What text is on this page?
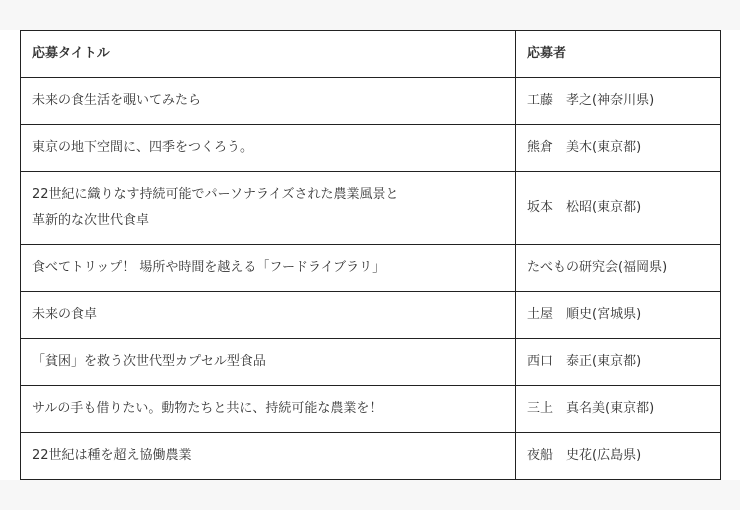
応募タイトル	応募者

未来の食生活を覗いてみたら	工藤　孝之(神奈川県)

東京の地下空間に、四季をつくろう。	熊倉　美木(東京都)

22世紀に織りなす持続可能でパーソナライズされた農業風景と
革新的な次世代食卓	坂本　松昭(東京都)

食べてトリップ！ 場所や時間を越える「フードライブラリ」	たべもの研究会(福岡県)

未来の食卓	土屋　順史(宮城県)

「貧困」を救う次世代型カプセル型食品	西口　泰正(東京都)

サルの手も借りたい。動物たちと共に、持続可能な農業を！	三上　真名美(東京都)

22世紀は種を超え協働農業	夜船　史花(広島県)
